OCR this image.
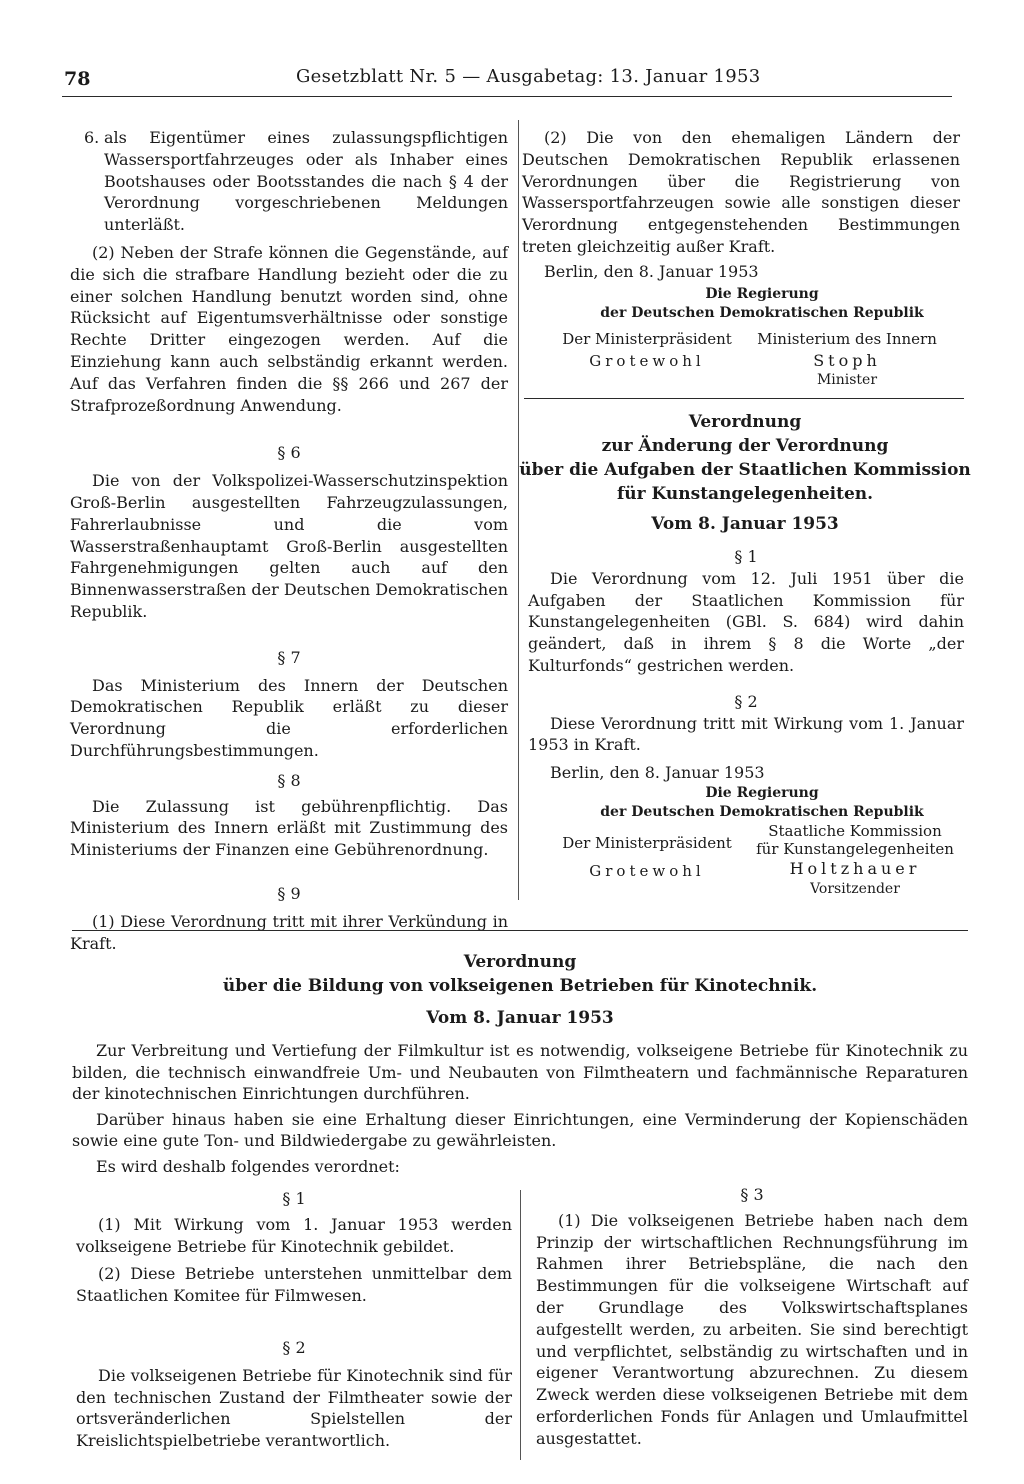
78	Gesetzblatt Nr. 5 — Ausgabetag: 13. Januar 1953

6. als Eigentümer eines zulassungspflichtigen Wassersportfahrzeuges oder als Inhaber eines Bootshauses oder Bootsstandes die nach § 4 der Verordnung vorgeschriebenen Meldungen unterläßt.

(2) Neben der Strafe können die Gegenstände, auf die sich die strafbare Handlung bezieht oder die zu einer solchen Handlung benutzt worden sind, ohne Rücksicht auf Eigentumsverhältnisse oder sonstige Rechte Dritter eingezogen werden. Auf die Einziehung kann auch selbständig erkannt werden. Auf das Verfahren finden die §§ 266 und 267 der Strafprozeßordnung Anwendung.

§ 6

Die von der Volkspolizei-Wasserschutzinspektion Groß-Berlin ausgestellten Fahrzeugzulassungen, Fahrerlaubnisse und die vom Wasserstraßenhauptamt Groß-Berlin ausgestellten Fahrgenehmigungen gelten auch auf den Binnenwasserstraßen der Deutschen Demokratischen Republik.

§ 7

Das Ministerium des Innern der Deutschen Demokratischen Republik erläßt zu dieser Verordnung die erforderlichen Durchführungsbestimmungen.

§ 8

Die Zulassung ist gebührenpflichtig. Das Ministerium des Innern erläßt mit Zustimmung des Ministeriums der Finanzen eine Gebührenordnung.

§ 9

(1) Diese Verordnung tritt mit ihrer Verkündung in Kraft.

(2) Die von den ehemaligen Ländern der Deutschen Demokratischen Republik erlassenen Verordnungen über die Registrierung von Wassersportfahrzeugen sowie alle sonstigen dieser Verordnung entgegenstehenden Bestimmungen treten gleichzeitig außer Kraft.

Berlin, den 8. Januar 1953

Die Regierung
der Deutschen Demokratischen Republik
Der Ministerpräsident
Grotewohl
Ministerium des Innern
Stoph
Minister
Verordnung
zur Änderung der Verordnung
über die Aufgaben der Staatlichen Kommission
für Kunstangelegenheiten.
Vom 8. Januar 1953

§ 1

Die Verordnung vom 12. Juli 1951 über die Aufgaben der Staatlichen Kommission für Kunstangelegenheiten (GBl. S. 684) wird dahin geändert, daß in ihrem § 8 die Worte „der Kulturfonds“ gestrichen werden.

§ 2

Diese Verordnung tritt mit Wirkung vom 1. Januar 1953 in Kraft.

Berlin, den 8. Januar 1953

Die Regierung
der Deutschen Demokratischen Republik
Der Ministerpräsident
Grotewohl
Staatliche Kommission
für Kunstangelegenheiten
Holtzhauer
Vorsitzender
Verordnung
über die Bildung von volkseigenen Betrieben für Kinotechnik.
Vom 8. Januar 1953

Zur Verbreitung und Vertiefung der Filmkultur ist es notwendig, volkseigene Betriebe für Kinotechnik zu bilden, die technisch einwandfreie Um- und Neubauten von Filmtheatern und fachmännische Reparaturen der kinotechnischen Einrichtungen durchführen.

Darüber hinaus haben sie eine Erhaltung dieser Einrichtungen, eine Verminderung der Kopienschäden sowie eine gute Ton- und Bildwiedergabe zu gewährleisten.

Es wird deshalb folgendes verordnet:

§ 1

(1) Mit Wirkung vom 1. Januar 1953 werden volkseigene Betriebe für Kinotechnik gebildet.

(2) Diese Betriebe unterstehen unmittelbar dem Staatlichen Komitee für Filmwesen.

§ 2

Die volkseigenen Betriebe für Kinotechnik sind für den technischen Zustand der Filmtheater sowie der ortsveränderlichen Spielstellen der Kreislichtspielbetriebe verantwortlich.

§ 3

(1) Die volkseigenen Betriebe haben nach dem Prinzip der wirtschaftlichen Rechnungsführung im Rahmen ihrer Betriebspläne, die nach den Bestimmungen für die volkseigene Wirtschaft auf der Grundlage des Volkswirtschaftsplanes aufgestellt werden, zu arbeiten. Sie sind berechtigt und verpflichtet, selbständig zu wirtschaften und in eigener Verantwortung abzurechnen. Zu diesem Zweck werden diese volkseigenen Betriebe mit dem erforderlichen Fonds für Anlagen und Umlaufmittel ausgestattet.
